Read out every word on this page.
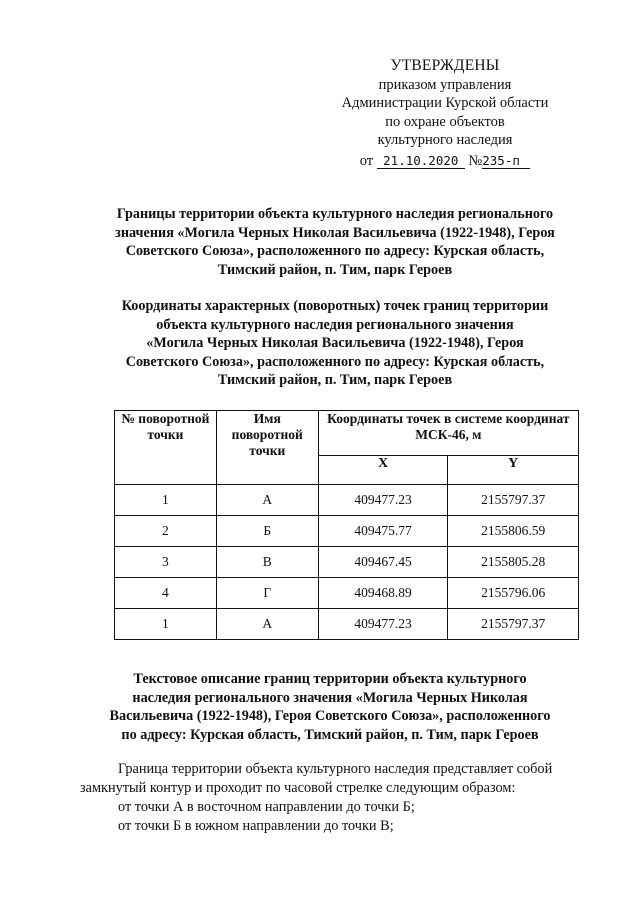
УТВЕРЖДЕНЫ
приказом управления
Администрации Курской области
по охране объектов
культурного наследия
от 21.10.2020 №235-п
Границы территории объекта культурного наследия регионального
значения «Могила Черных Николая Васильевича (1922-1948), Героя
Советского Союза», расположенного по адресу: Курская область,
Тимский район, п. Тим, парк Героев
Координаты характерных (поворотных) точек границ территории
объекта культурного наследия регионального значения
«Могила Черных Николая Васильевича (1922-1948), Героя
Советского Союза», расположенного по адресу: Курская область,
Тимский район, п. Тим, парк Героев
№ поворотной точки	Имя поворотной точки	Координаты точек в системе координат МСК-46, м	
		X	Y
1	А	409477.23	2155797.37
2	Б	409475.77	2155806.59
3	В	409467.45	2155805.28
4	Г	409468.89	2155796.06
1	А	409477.23	2155797.37
Текстовое описание границ территории объекта культурного
наследия регионального значения «Могила Черных Николая
Васильевича (1922-1948), Героя Советского Союза», расположенного
по адресу: Курская область, Тимский район, п. Тим, парк Героев

Граница территории объекта культурного наследия представляет собой

замкнутый контур и проходит по часовой стрелке следующим образом:

от точки А в восточном направлении до точки Б;

от точки Б в южном направлении до точки В;
